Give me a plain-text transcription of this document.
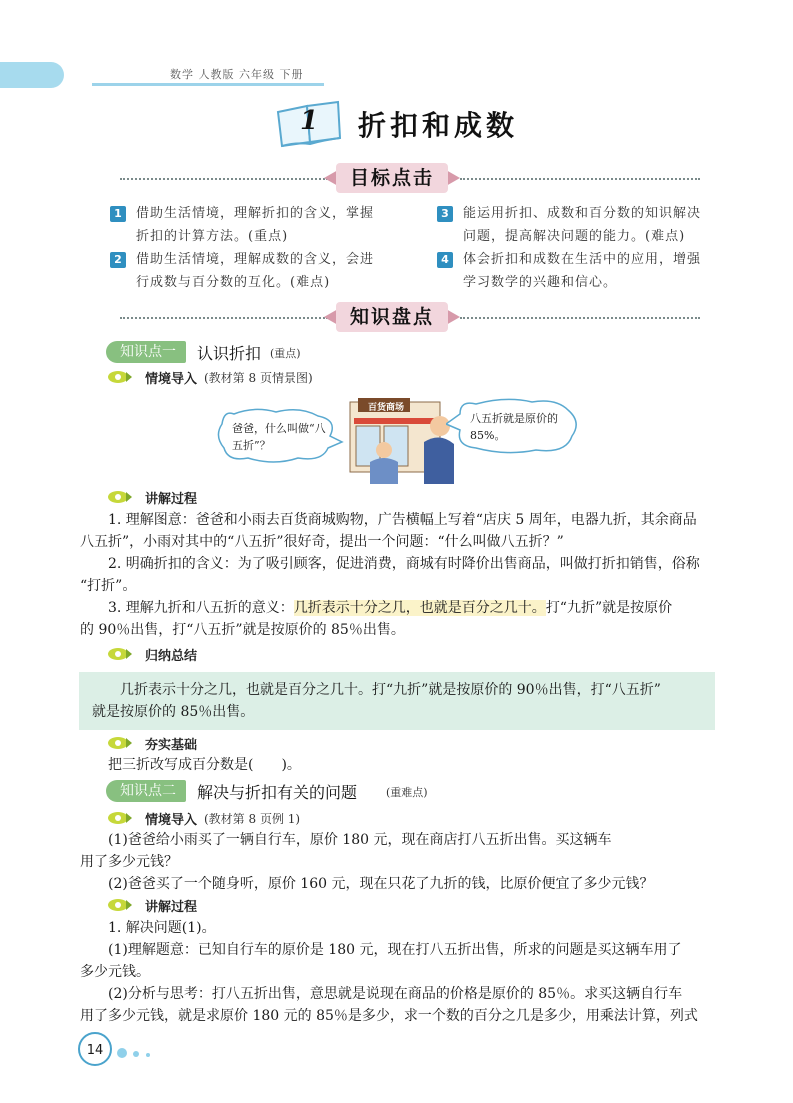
数学 人教版 六年级 下册
1 折扣和成数
目标点击
1	借助生活情境，理解折扣的含义，掌握
折扣的计算方法。(重点)
2	借助生活情境，理解成数的含义，会进
行成数与百分数的互化。(难点)
3	能运用折扣、成数和百分数的知识解决
问题，提高解决问题的能力。(难点)
4	体会折扣和成数在生活中的应用，增强
学习数学的兴趣和信心。
知识盘点
知识点一	认识折扣 (重点)
情境导入 (教材第 8 页情景图)
爸爸，什么叫做“八五折”？
百货商场
八五折就是原价的85%。
讲解过程
1. 理解图意：爸爸和小雨去百货商城购物，广告横幅上写着“店庆 5 周年，电器九折，其余商品
八五折”，小雨对其中的“八五折”很好奇，提出一个问题：“什么叫做八五折？”
2. 明确折扣的含义：为了吸引顾客，促进消费，商城有时降价出售商品，叫做打折扣销售，俗称
“打折”。
3. 理解九折和八五折的意义：几折表示十分之几，也就是百分之几十。打“九折”就是按原价
的 90％出售，打“八五折”就是按原价的 85％出售。
归纳总结
几折表示十分之几，也就是百分之几十。打“九折”就是按原价的 90％出售，打“八五折”
就是按原价的 85％出售。
夯实基础
把三折改写成百分数是(　　)。
知识点二	解决与折扣有关的问题	(重难点)
情境导入 (教材第 8 页例 1)
(1)爸爸给小雨买了一辆自行车，原价 180 元，现在商店打八五折出售。买这辆车
用了多少元钱？
(2)爸爸买了一个随身听，原价 160 元，现在只花了九折的钱，比原价便宜了多少元钱？
讲解过程
1. 解决问题(1)。
(1)理解题意：已知自行车的原价是 180 元，现在打八五折出售，所求的问题是买这辆车用了
多少元钱。
(2)分析与思考：打八五折出售，意思就是说现在商品的价格是原价的 85％。求买这辆自行车
用了多少元钱，就是求原价 180 元的 85％是多少，求一个数的百分之几是多少，用乘法计算，列式
14
